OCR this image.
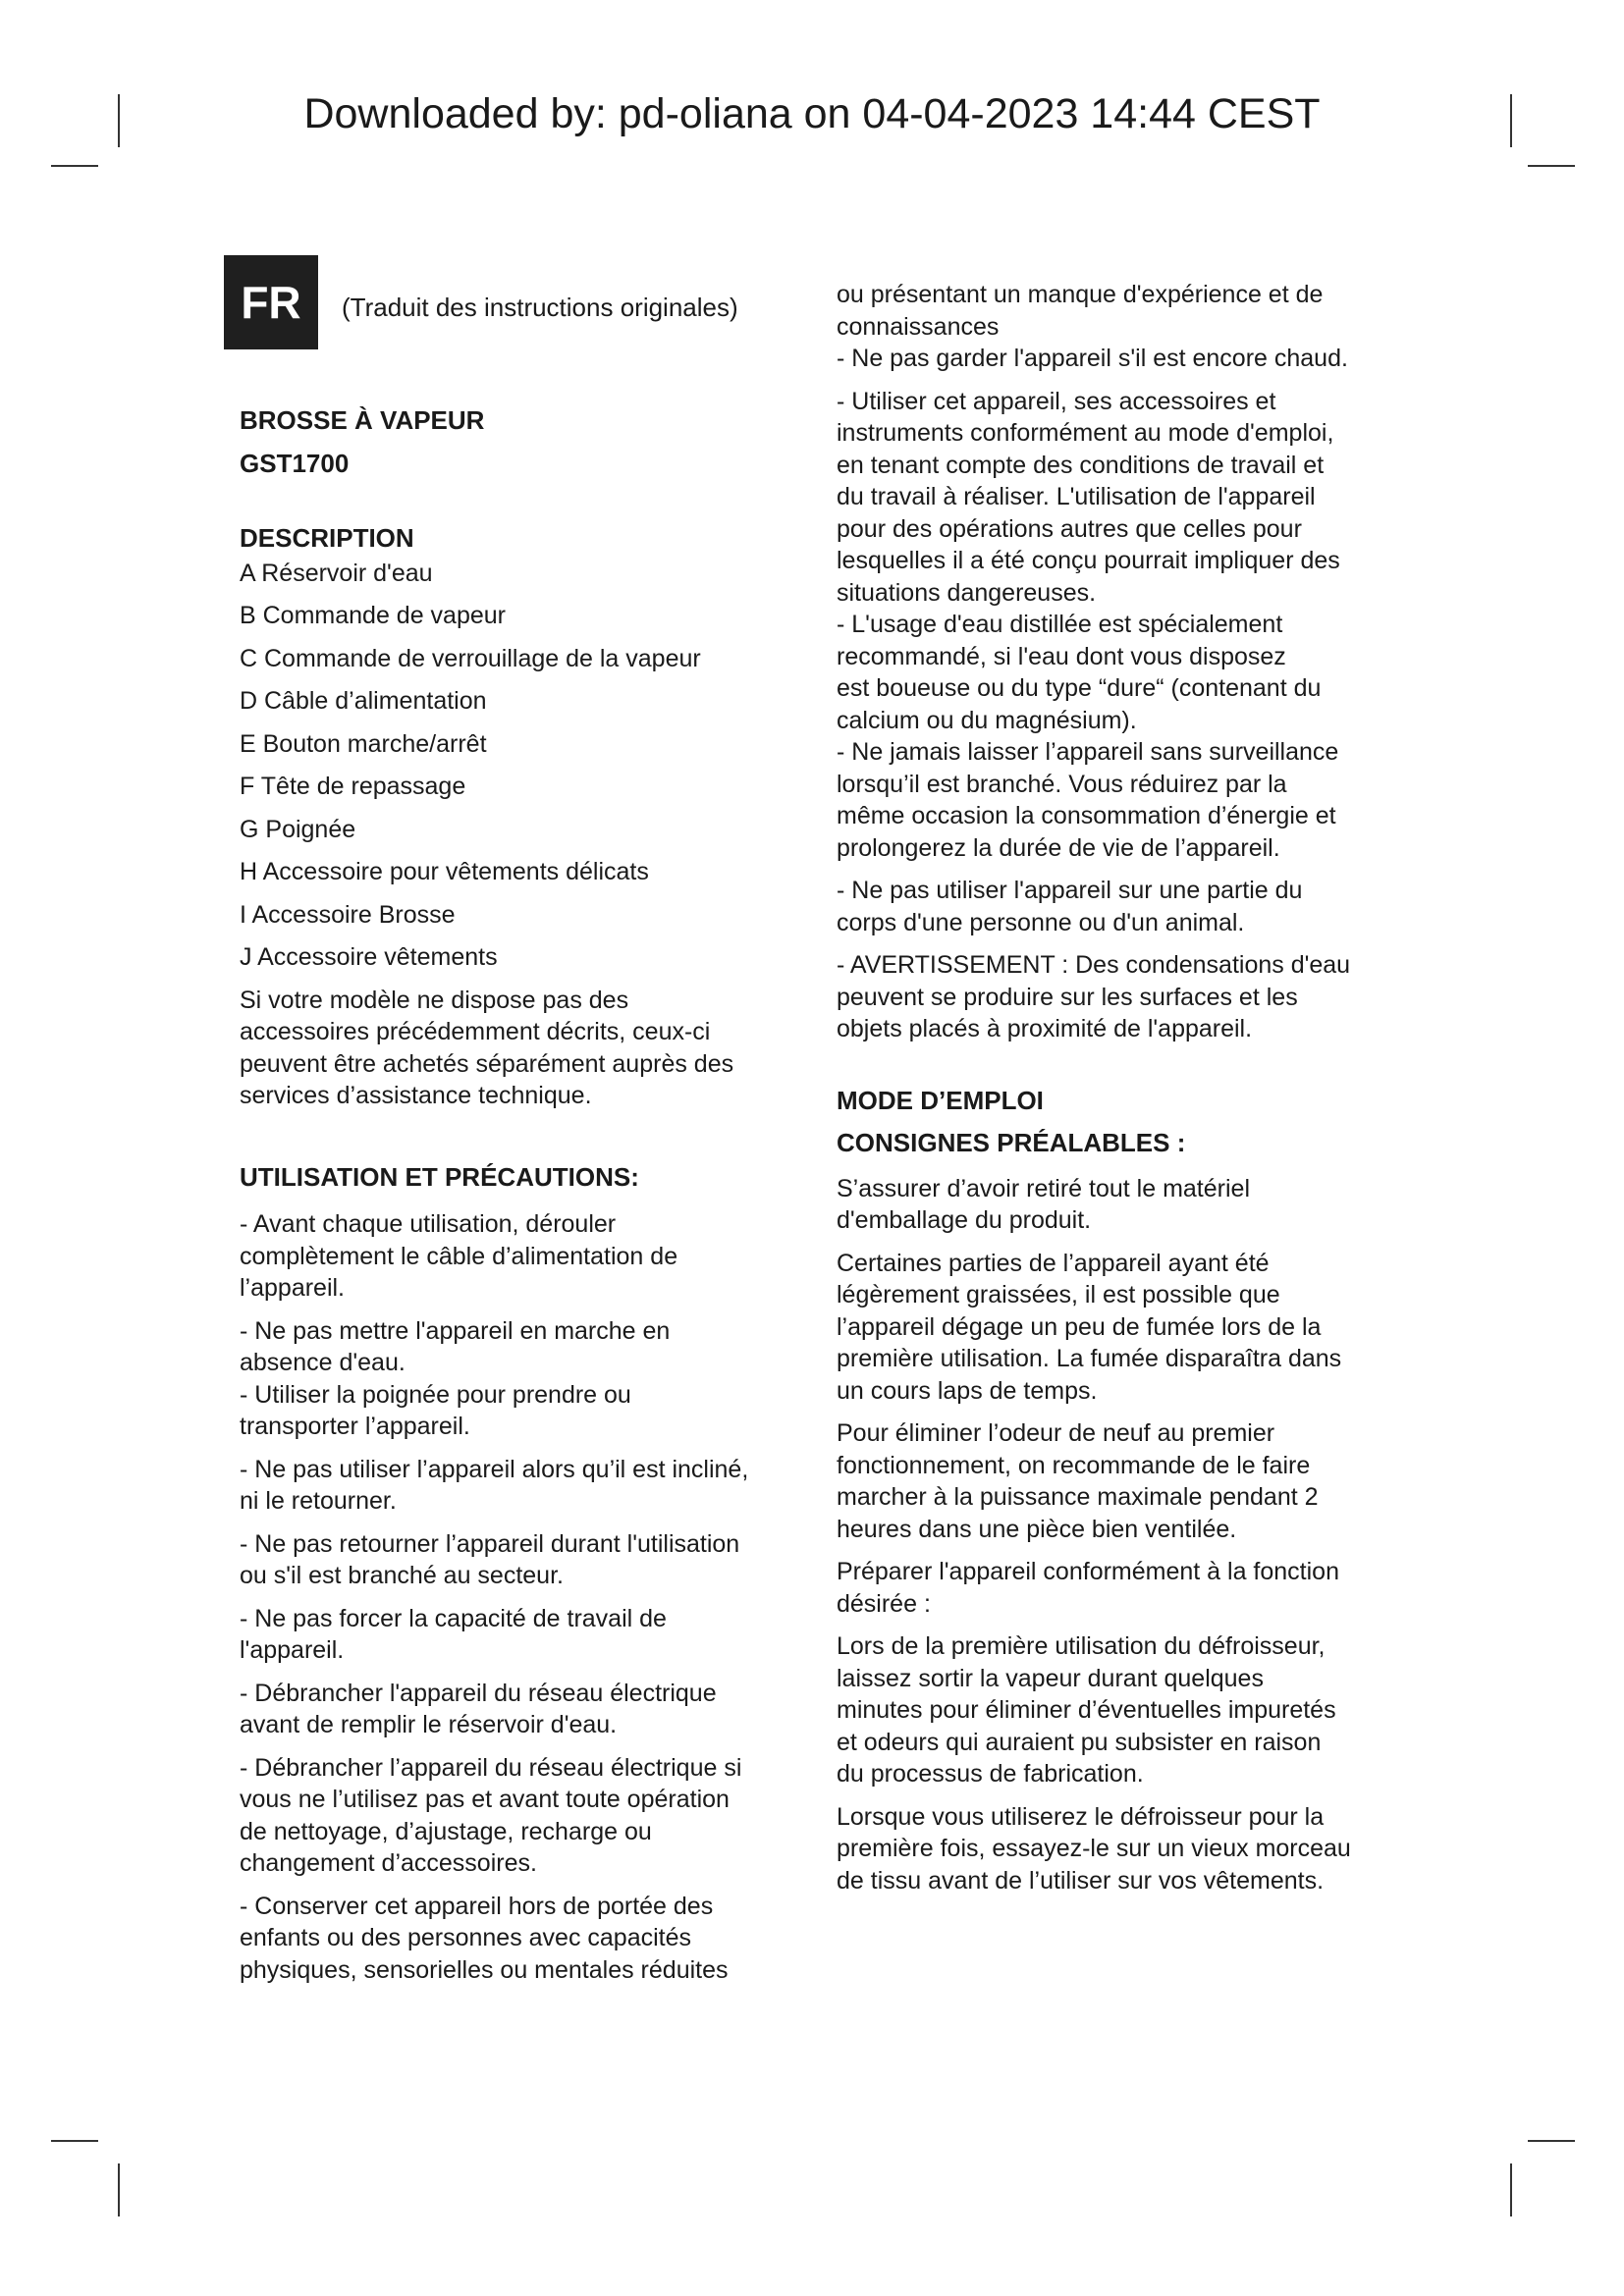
Downloaded by: pd-oliana on 04-04-2023 14:44 CEST
FR	(Traduit des instructions originales)

BROSSE À VAPEUR

GST1700

DESCRIPTION

A Réservoir d'eau

B Commande de vapeur

C Commande de verrouillage de la vapeur

D Câble d’alimentation

E Bouton marche/arrêt

F Tête de repassage

G Poignée

H Accessoire pour vêtements délicats

I Accessoire Brosse

J Accessoire vêtements

Si votre modèle ne dispose pas des
accessoires précédemment décrits, ceux-ci
peuvent être achetés séparément auprès des
services d’assistance technique.

UTILISATION ET PRÉCAUTIONS:

- Avant chaque utilisation, dérouler
complètement le câble d’alimentation de
l’appareil.

- Ne pas mettre l'appareil en marche en
absence d'eau.
- Utiliser la poignée pour prendre ou
transporter l’appareil.

- Ne pas utiliser l’appareil alors qu’il est incliné,
ni le retourner.

- Ne pas retourner l’appareil durant l'utilisation
ou s'il est branché au secteur.

- Ne pas forcer la capacité de travail de
l'appareil.

- Débrancher l'appareil du réseau électrique
avant de remplir le réservoir d'eau.

- Débrancher l’appareil du réseau électrique si
vous ne l’utilisez pas et avant toute opération
de nettoyage, d’ajustage, recharge ou
changement d’accessoires.

- Conserver cet appareil hors de portée des
enfants ou des personnes avec capacités
physiques, sensorielles ou mentales réduites

ou présentant un manque d'expérience et de
connaissances
- Ne pas garder l'appareil s'il est encore chaud.

- Utiliser cet appareil, ses accessoires et
instruments conformément au mode d'emploi,
en tenant compte des conditions de travail et
du travail à réaliser. L'utilisation de l'appareil
pour des opérations autres que celles pour
lesquelles il a été conçu pourrait impliquer des
situations dangereuses.
- L'usage d'eau distillée est spécialement
recommandé, si l'eau dont vous disposez
est boueuse ou du type “dure“ (contenant du
calcium ou du magnésium).
- Ne jamais laisser l’appareil sans surveillance
lorsqu’il est branché. Vous réduirez par la
même occasion la consommation d’énergie et
prolongerez la durée de vie de l’appareil.

- Ne pas utiliser l'appareil sur une partie du
corps d'une personne ou d'un animal.

- AVERTISSEMENT : Des condensations d'eau
peuvent se produire sur les surfaces et les
objets placés à proximité de l'appareil.

MODE D’EMPLOI

CONSIGNES PRÉALABLES :

S’assurer d’avoir retiré tout le matériel
d'emballage du produit.

Certaines parties de l’appareil ayant été
légèrement graissées, il est possible que
l’appareil dégage un peu de fumée lors de la
première utilisation. La fumée disparaîtra dans
un cours laps de temps.

Pour éliminer l’odeur de neuf au premier
fonctionnement, on recommande de le faire
marcher à la puissance maximale pendant 2
heures dans une pièce bien ventilée.

Préparer l'appareil conformément à la fonction
désirée :

Lors de la première utilisation du défroisseur,
laissez sortir la vapeur durant quelques
minutes pour éliminer d’éventuelles impuretés
et odeurs qui auraient pu subsister en raison
du processus de fabrication.

Lorsque vous utiliserez le défroisseur pour la
première fois, essayez-le sur un vieux morceau
de tissu avant de l’utiliser sur vos vêtements.
